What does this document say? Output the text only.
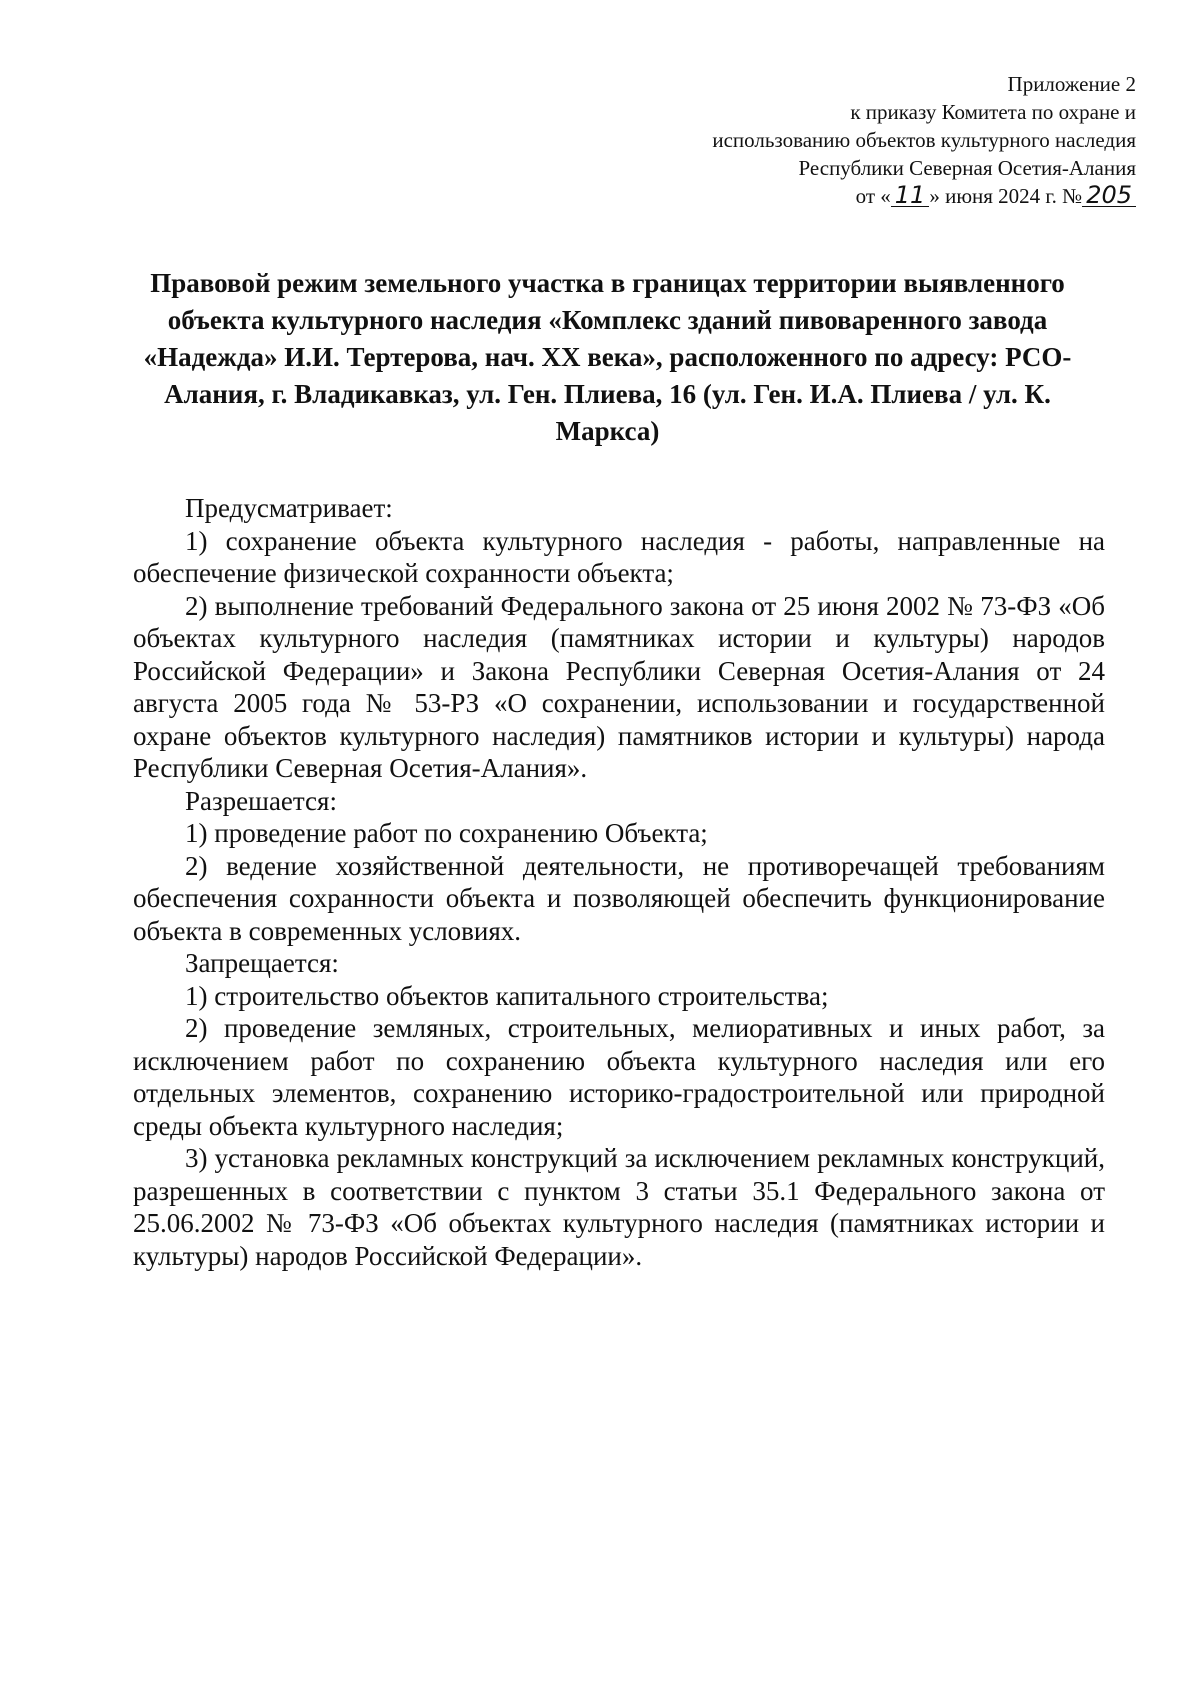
Приложение 2
к приказу Комитета по охране и
использованию объектов культурного наследия
Республики Северная Осетия-Алания
от « 11 » июня 2024 г. № 205
Правовой режим земельного участка в границах территории выявленного объекта культурного наследия «Комплекс зданий пивоваренного завода «Надежда» И.И. Тертерова, нач. XX века», расположенного по адресу: РСО-Алания, г. Владикавказ, ул. Ген. Плиева, 16 (ул. Ген. И.А. Плиева / ул. К. Маркса)

Предусматривает:

1) сохранение объекта культурного наследия - работы, направленные на обеспечение физической сохранности объекта;

2) выполнение требований Федерального закона от 25 июня 2002 № 73-ФЗ «Об объектах культурного наследия (памятниках истории и культуры) народов Российской Федерации» и Закона Республики Северная Осетия-Алания от 24 августа 2005 года № 53-РЗ «О сохранении, использовании и государственной охране объектов культурного наследия) памятников истории и культуры) народа Республики Северная Осетия-Алания».

Разрешается:

1) проведение работ по сохранению Объекта;

2) ведение хозяйственной деятельности, не противоречащей требованиям обеспечения сохранности объекта и позволяющей обеспечить функционирование объекта в современных условиях.

Запрещается:

1) строительство объектов капитального строительства;

2) проведение земляных, строительных, мелиоративных и иных работ, за исключением работ по сохранению объекта культурного наследия или его отдельных элементов, сохранению историко-градостроительной или природной среды объекта культурного наследия;

3) установка рекламных конструкций за исключением рекламных конструкций, разрешенных в соответствии с пунктом 3 статьи 35.1 Федерального закона от 25.06.2002 № 73-ФЗ «Об объектах культурного наследия (памятниках истории и культуры) народов Российской Федерации».
